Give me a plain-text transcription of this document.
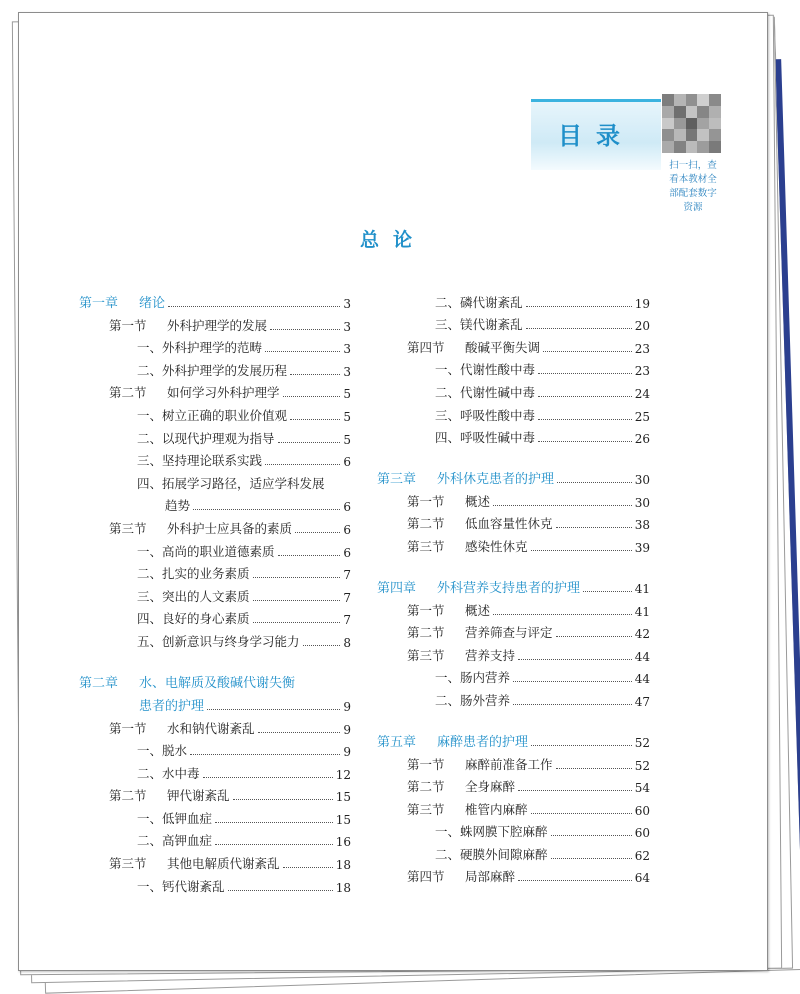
目录
扫一扫，查
看本教材全
部配套数字
资源
总论
第一章 绪论	3
第一节 外科护理学的发展	3
一、外科护理学的范畴	3
二、外科护理学的发展历程	3
第二节 如何学习外科护理学	5
一、树立正确的职业价值观	5
二、以现代护理观为指导	5
三、坚持理论联系实践	6
四、拓展学习路径，适应学科发展
趋势	6
第三节 外科护士应具备的素质	6
一、高尚的职业道德素质	6
二、扎实的业务素质	7
三、突出的人文素质	7
四、良好的身心素质	7
五、创新意识与终身学习能力	8
第二章 水、电解质及酸碱代谢失衡
患者的护理	9
第一节 水和钠代谢紊乱	9
一、脱水	9
二、水中毒	12
第二节 钾代谢紊乱	15
一、低钾血症	15
二、高钾血症	16
第三节 其他电解质代谢紊乱	18
一、钙代谢紊乱	18
二、磷代谢紊乱	19
三、镁代谢紊乱	20
第四节 酸碱平衡失调	23
一、代谢性酸中毒	23
二、代谢性碱中毒	24
三、呼吸性酸中毒	25
四、呼吸性碱中毒	26
第三章 外科休克患者的护理	30
第一节 概述	30
第二节 低血容量性休克	38
第三节 感染性休克	39
第四章 外科营养支持患者的护理	41
第一节 概述	41
第二节 营养筛查与评定	42
第三节 营养支持	44
一、肠内营养	44
二、肠外营养	47
第五章 麻醉患者的护理	52
第一节 麻醉前准备工作	52
第二节 全身麻醉	54
第三节 椎管内麻醉	60
一、蛛网膜下腔麻醉	60
二、硬膜外间隙麻醉	62
第四节 局部麻醉	64
